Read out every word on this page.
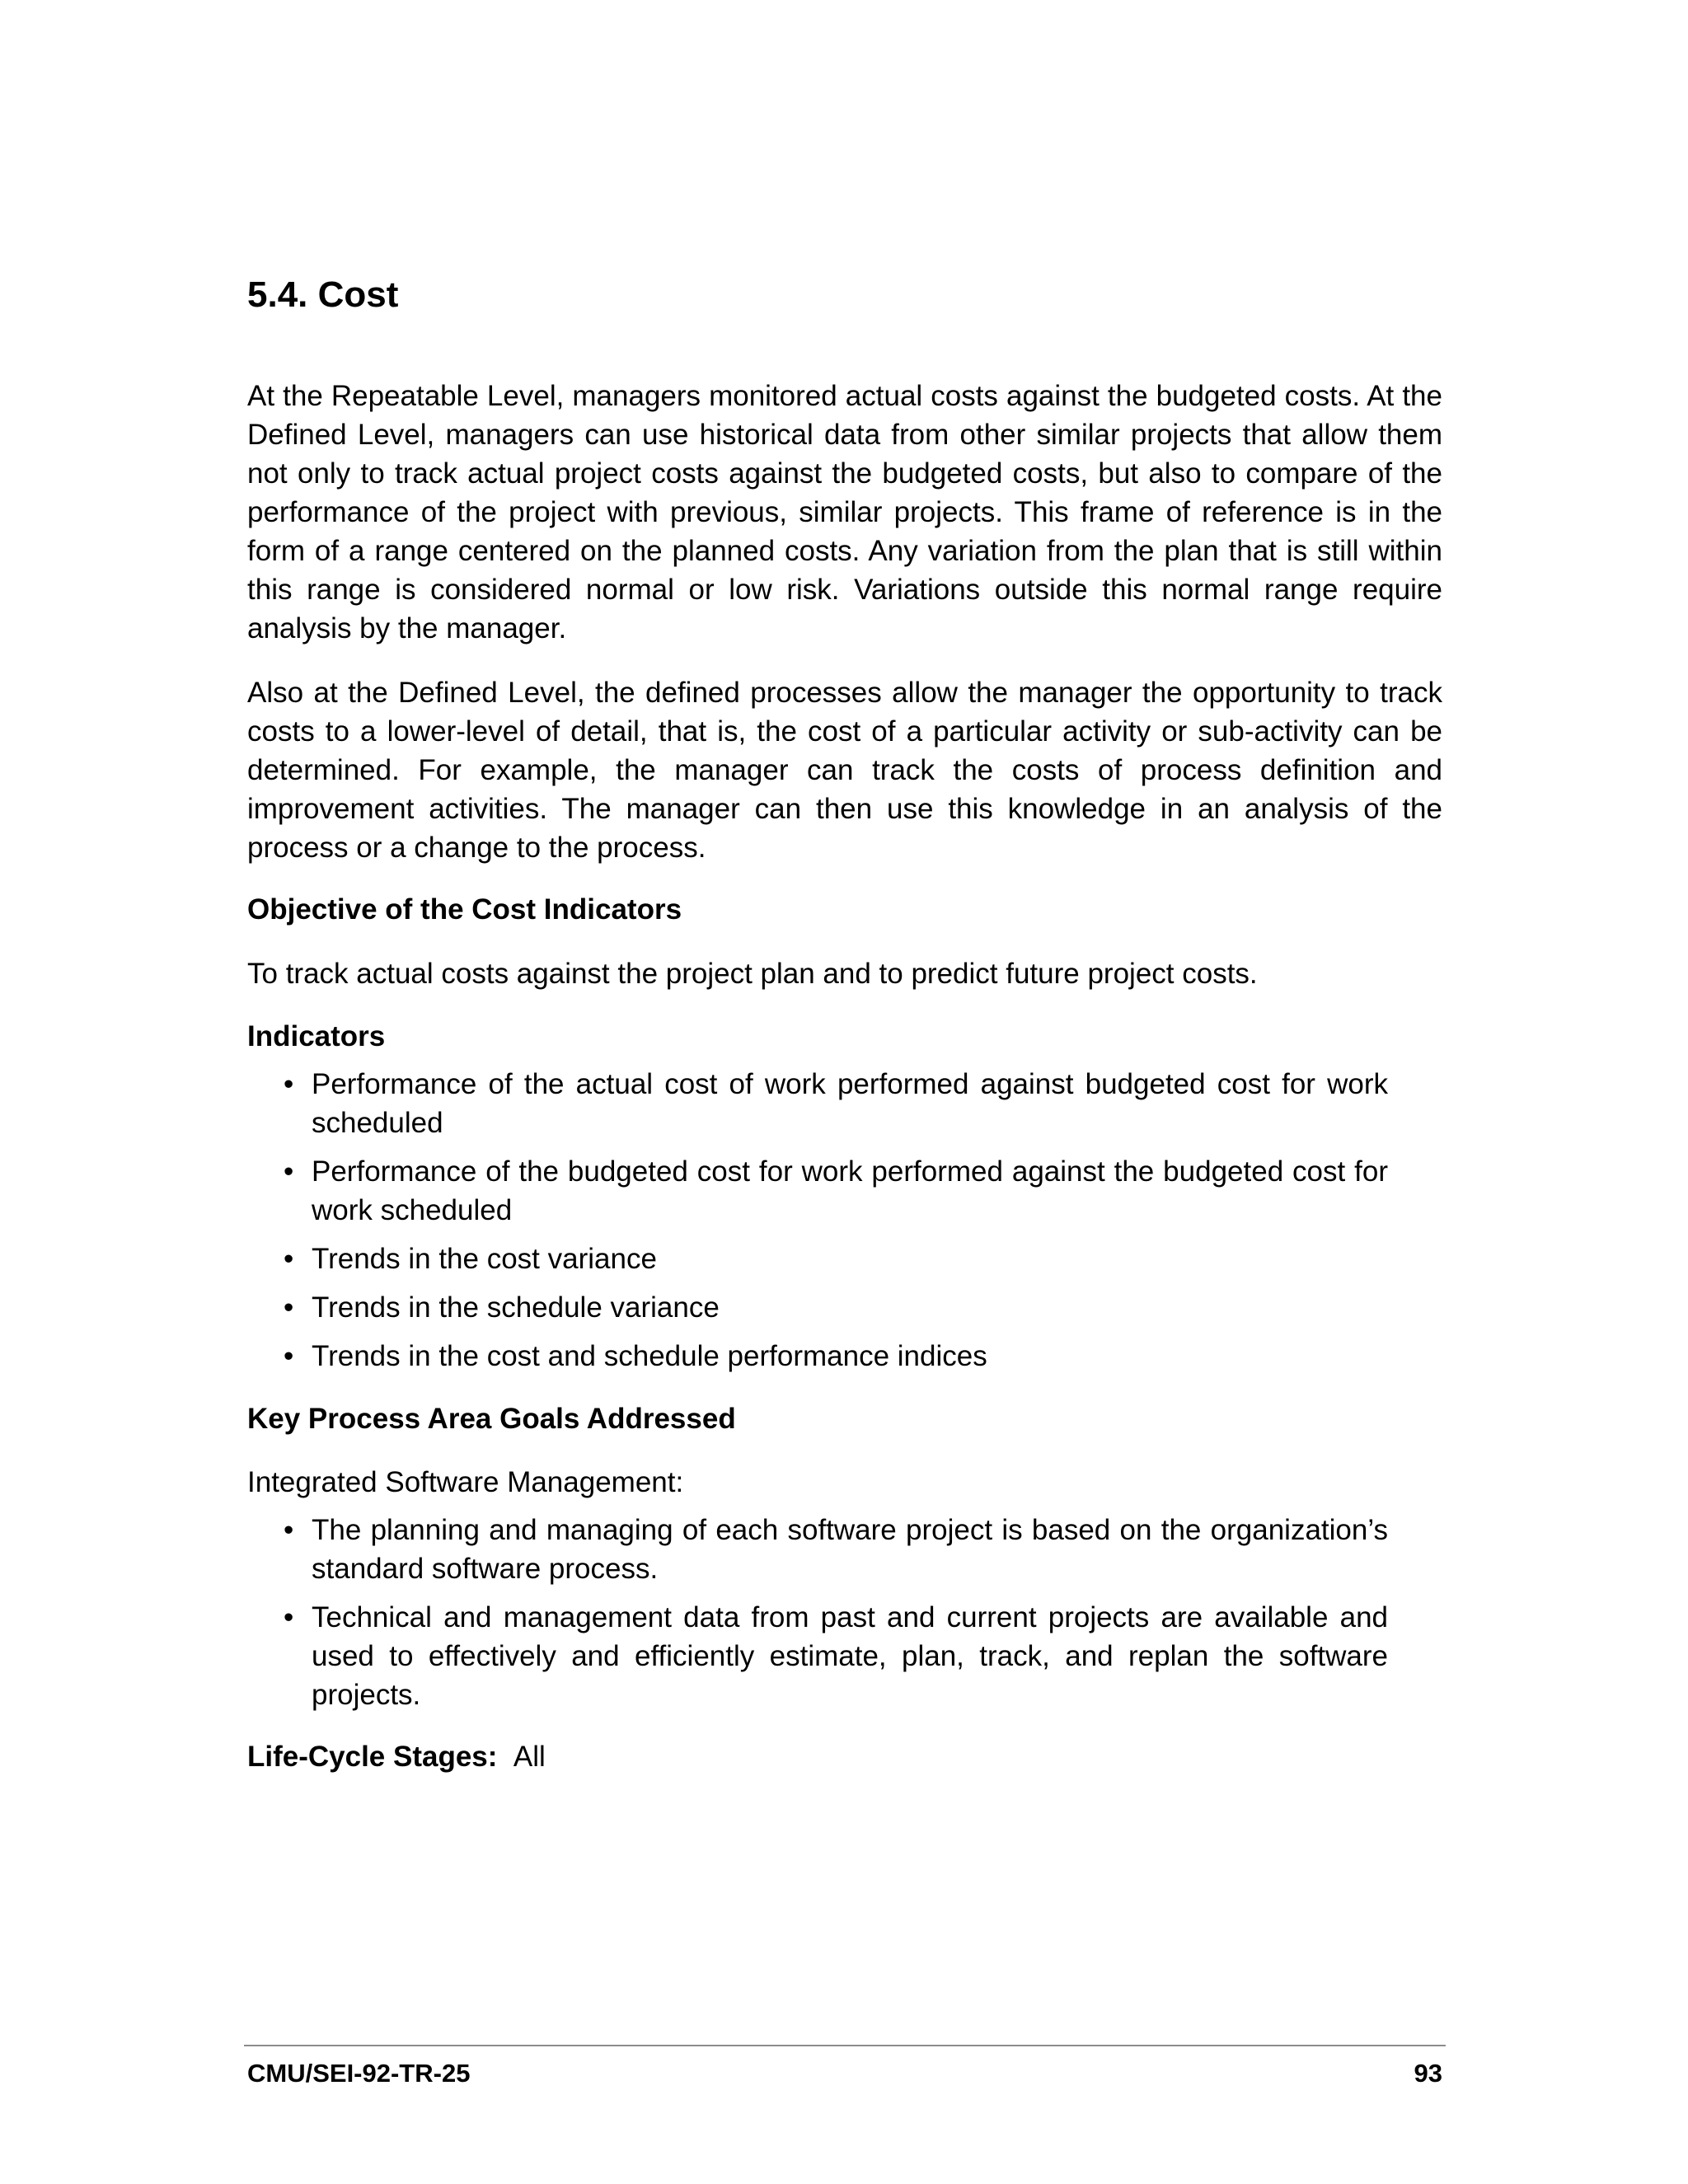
5.4. Cost

At the Repeatable Level, managers monitored actual costs against the budgeted costs. At the Defined Level, managers can use historical data from other similar projects that allow them not only to track actual project costs against the budgeted costs, but also to compare of the performance of the project with previous, similar projects. This frame of reference is in the form of a range centered on the planned costs. Any variation from the plan that is still within this range is considered normal or low risk. Variations outside this normal range require analysis by the manager.

Also at the Defined Level, the defined processes allow the manager the opportunity to track costs to a lower-level of detail, that is, the cost of a particular activity or sub-activity can be determined. For example, the manager can track the costs of process definition and improvement activities. The manager can then use this knowledge in an analysis of the process or a change to the process.

Objective of the Cost Indicators

To track actual costs against the project plan and to predict future project costs.

Indicators
• Performance of the actual cost of work performed against budgeted cost for work scheduled
• Performance of the budgeted cost for work performed against the budgeted cost for work scheduled
• Trends in the cost variance
• Trends in the schedule variance
• Trends in the cost and schedule performance indices
Key Process Area Goals Addressed

Integrated Software Management:

• The planning and managing of each software project is based on the organization’s standard software process.
• Technical and management data from past and current projects are available and used to effectively and efficiently estimate, plan, track, and replan the software projects.
Life-Cycle Stages: All
CMU/SEI-92-TR-25	93
